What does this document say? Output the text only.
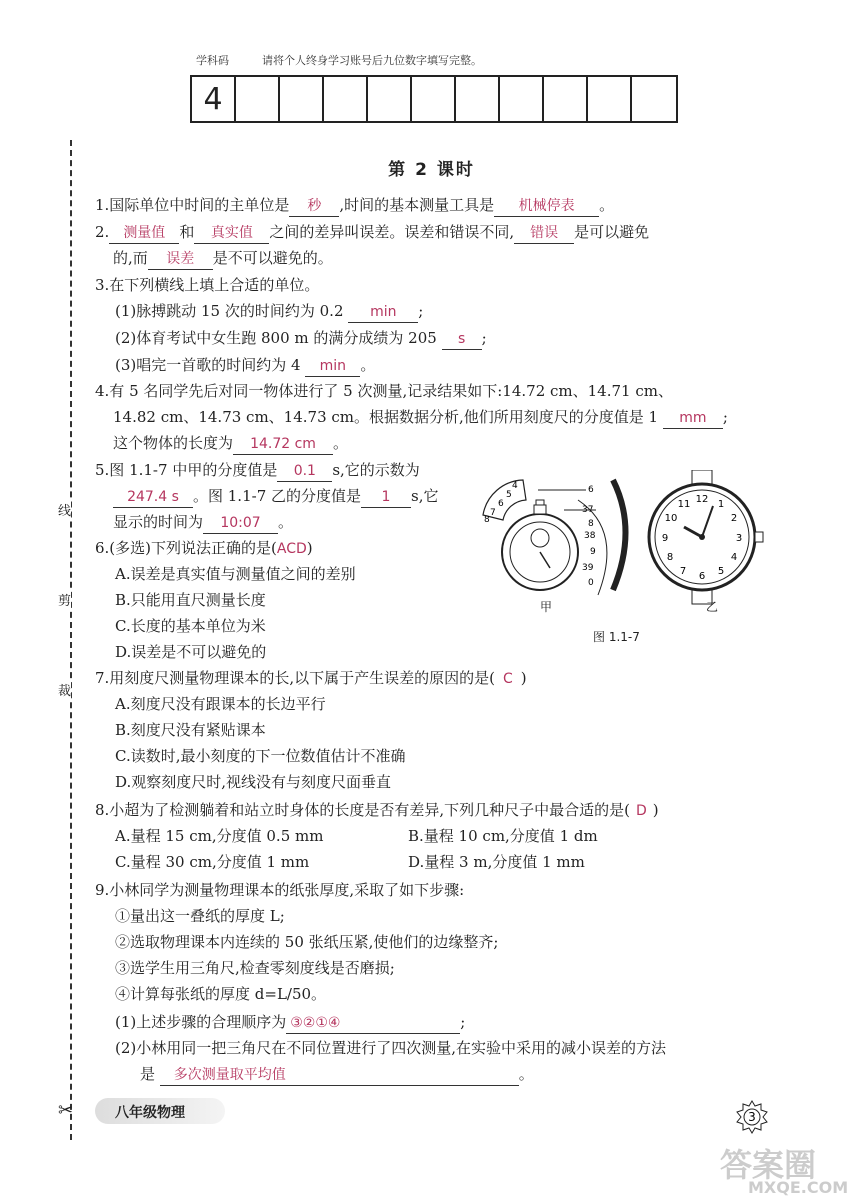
学科码	请将个人终身学习账号后九位数字填写完整。
4
线
剪
裁
✂
第 2 课时
1.国际单位中时间的主单位是 秒 ,时间的基本测量工具是 机械停表 。
2. 测量值 和 真实值 之间的差异叫误差。误差和错误不同, 错误 是可以避免
的,而 误差 是不可以避免的。
3.在下列横线上填上合适的单位。
(1)脉搏跳动 15 次的时间约为 0.2 min ;
(2)体育考试中女生跑 800 m 的满分成绩为 205 s ;
(3)唱完一首歌的时间约为 4 min 。
4.有 5 名同学先后对同一物体进行了 5 次测量,记录结果如下:14.72 cm、14.71 cm、
14.82 cm、14.73 cm、14.73 cm。根据数据分析,他们所用刻度尺的分度值是 1 mm ;
这个物体的长度为 14.72 cm 。
5.图 1.1-7 中甲的分度值是 0.1 s,它的示数为
247.4 s 。图 1.1-7 乙的分度值是 1 s,它
显示的时间为 10:07 。
4
5
6
7
8
6
37
8
38
9
39
0
12 1
2
3
4
5
6
7
8
9
10
11
甲	乙
图 1.1-7
6.(多选)下列说法正确的是(ACD)
A.误差是真实值与测量值之间的差别
B.只能用直尺测量长度
C.长度的基本单位为米
D.误差是不可以避免的
7.用刻度尺测量物理课本的长,以下属于产生误差的原因的是( C )
A.刻度尺没有跟课本的长边平行
B.刻度尺没有紧贴课本
C.读数时,最小刻度的下一位数值估计不准确
D.观察刻度尺时,视线没有与刻度尺面垂直
8.小超为了检测躺着和站立时身体的长度是否有差异,下列几种尺子中最合适的是( D )
A.量程 15 cm,分度值 0.5 mm	B.量程 10 cm,分度值 1 dm
C.量程 30 cm,分度值 1 mm	D.量程 3 m,分度值 1 mm
9.小林同学为测量物理课本的纸张厚度,采取了如下步骤:
①量出这一叠纸的厚度 L;
②选取物理课本内连续的 50 张纸压紧,使他们的边缘整齐;
③选学生用三角尺,检查零刻度线是否磨损;
④计算每张纸的厚度 d=L/50。
(1)上述步骤的合理顺序为 ③②①④	;
(2)小林用同一把三角尺在不同位置进行了四次测量,在实验中采用的减小误差的方法
是 多次测量取平均值	。
八年级物理	3
答案圈
MXQE.COM
